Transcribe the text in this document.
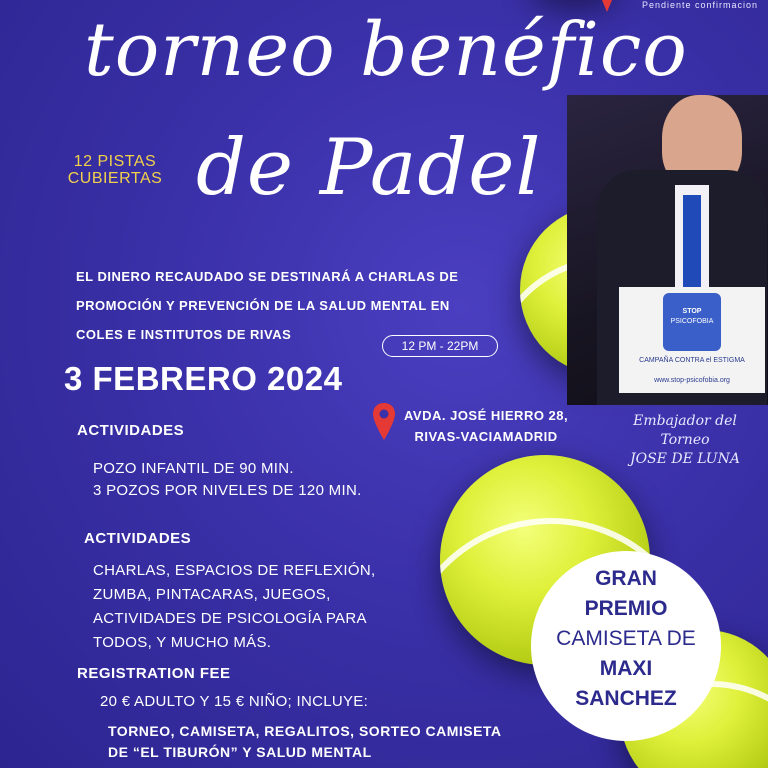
Pendiente confirmacion
torneo benéfico
de Padel
12 PISTAS
CUBIERTAS
EL DINERO RECAUDADO SE DESTINARÁ A CHARLAS DE
PROMOCIÓN Y PREVENCIÓN DE LA SALUD MENTAL EN
COLES E INSTITUTOS DE RIVAS
12 PM - 22PM
3 FEBRERO 2024
AVDA. JOSÉ HIERRO 28,
RIVAS-VACIAMADRID
STOP
PSICOFOBIA
CAMPAÑA CONTRA el ESTIGMA
www.stop-psicofobia.org
Embajador del
Torneo
JOSE DE LUNA
ACTIVIDADES
POZO INFANTIL DE 90 MIN.
3 POZOS POR NIVELES DE 120 MIN.
ACTIVIDADES
CHARLAS, ESPACIOS DE REFLEXIÓN,
ZUMBA, PINTACARAS, JUEGOS,
ACTIVIDADES DE PSICOLOGÍA PARA
TODOS, Y MUCHO MÁS.
REGISTRATION FEE
20 € ADULTO Y 15 € NIÑO; INCLUYE:
TORNEO, CAMISETA, REGALITOS, SORTEO CAMISETA
DE “EL TIBURÓN” Y SALUD MENTAL
GRAN
PREMIO
CAMISETA DE
MAXI
SANCHEZ
